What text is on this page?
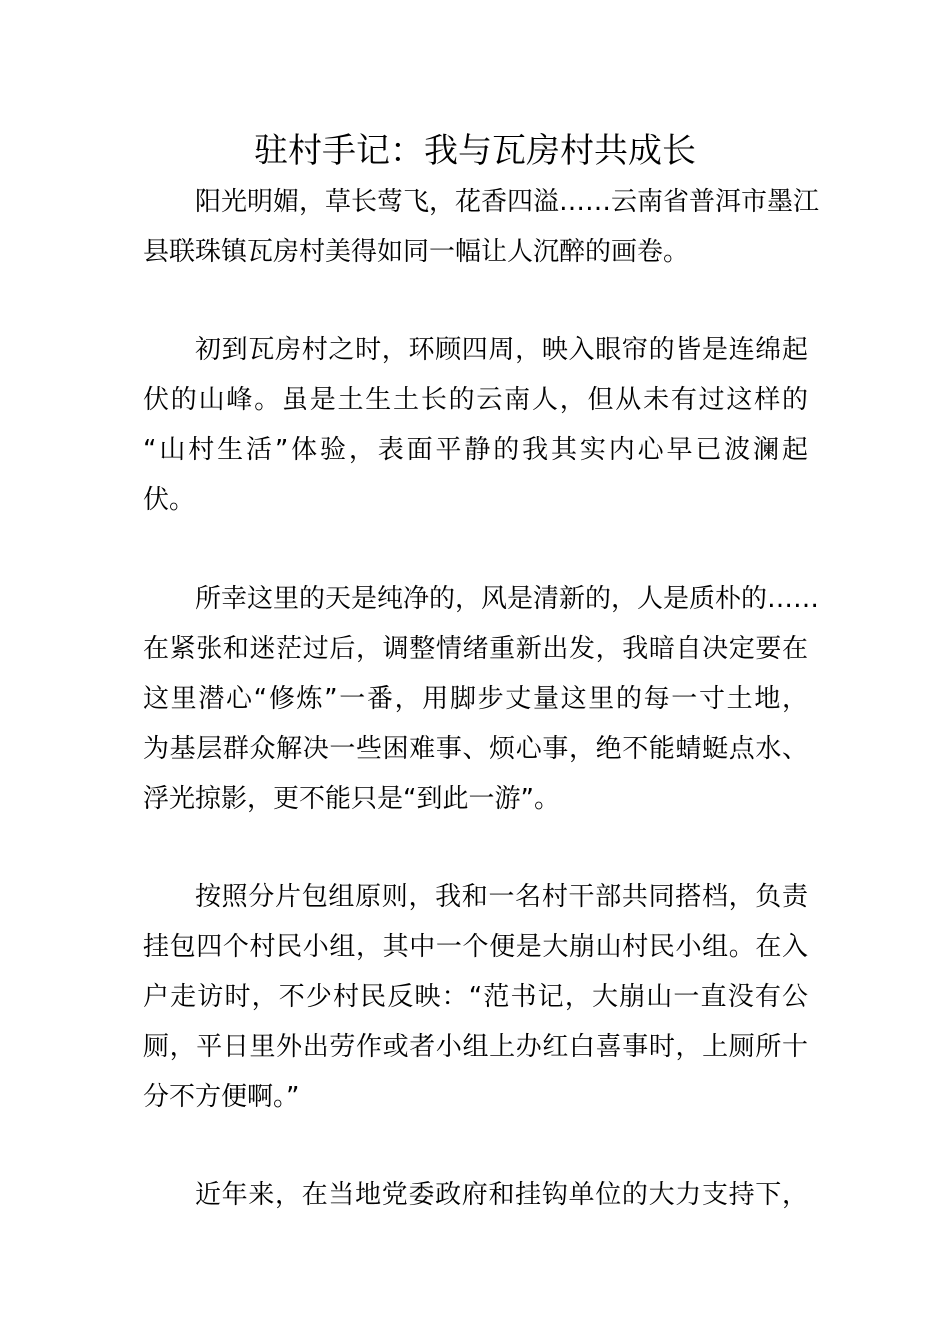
驻村手记：我与瓦房村共成长

阳光明媚，草长莺飞，花香四溢……云南省普洱市墨江
县联珠镇瓦房村美得如同一幅让人沉醉的画卷。

初到瓦房村之时，环顾四周，映入眼帘的皆是连绵起
伏的山峰。虽是土生土长的云南人，但从未有过这样的
“山村生活”体验，表面平静的我其实内心早已波澜起
伏。

所幸这里的天是纯净的，风是清新的，人是质朴的……
在紧张和迷茫过后，调整情绪重新出发，我暗自决定要在
这里潜心“修炼”一番，用脚步丈量这里的每一寸土地，
为基层群众解决一些困难事、烦心事，绝不能蜻蜓点水、
浮光掠影，更不能只是“到此一游”。

按照分片包组原则，我和一名村干部共同搭档，负责
挂包四个村民小组，其中一个便是大崩山村民小组。在入
户走访时，不少村民反映：“范书记，大崩山一直没有公
厕，平日里外出劳作或者小组上办红白喜事时，上厕所十
分不方便啊。”

近年来，在当地党委政府和挂钩单位的大力支持下，
